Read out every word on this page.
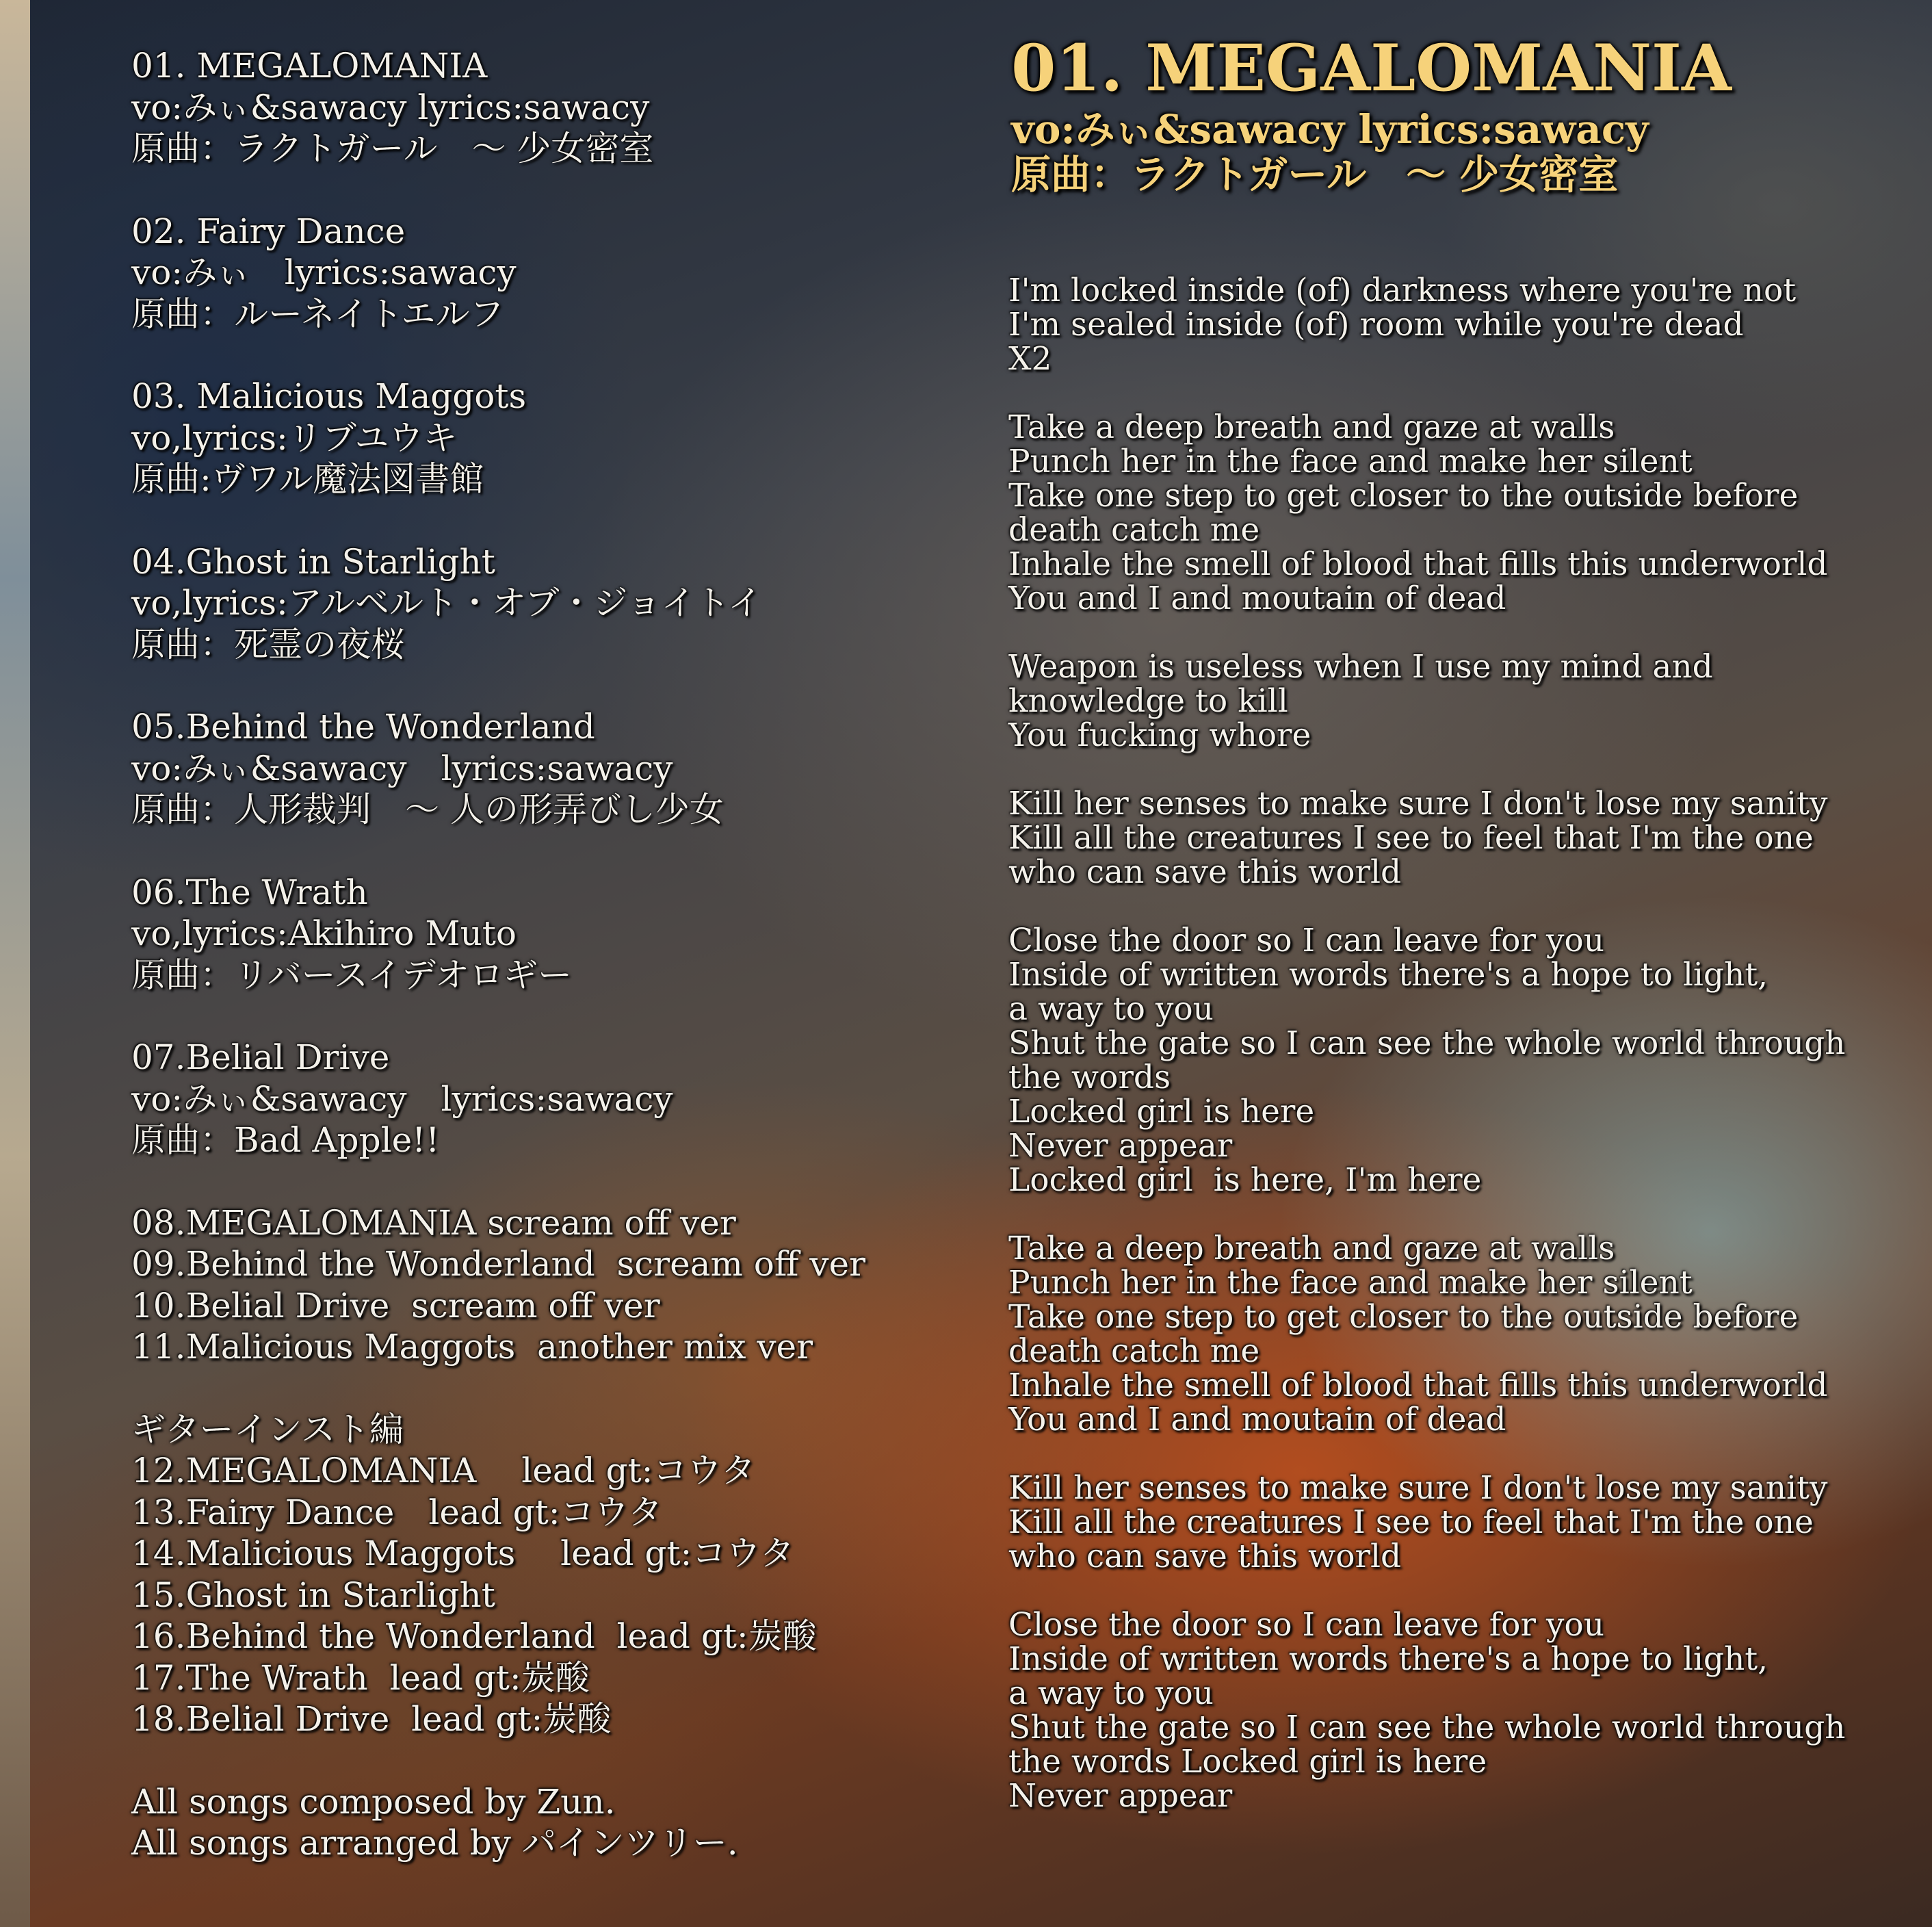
01. MEGALOMANIA
vo:みぃ&sawacy lyrics:sawacy
原曲：ラクトガール　～ 少女密室
02. Fairy Dance
vo:みぃ　lyrics:sawacy
原曲：ルーネイトエルフ
03. Malicious Maggots
vo,lyrics:リブユウキ
原曲:ヴワル魔法図書館
04.Ghost in Starlight
vo,lyrics:アルベルト・オブ・ジョイトイ
原曲：死霊の夜桜
05.Behind the Wonderland
vo:みぃ&sawacy　lyrics:sawacy
原曲：人形裁判　～ 人の形弄びし少女
06.The Wrath
vo,lyrics:Akihiro Muto
原曲：リバースイデオロギー
07.Belial Drive
vo:みぃ&sawacy　lyrics:sawacy
原曲：Bad Apple!!
08.MEGALOMANIA scream off ver
09.Behind the Wonderland  scream off ver
10.Belial Drive  scream off ver
11.Malicious Maggots  another mix ver
ギターインスト編
12.MEGALOMANIA　 lead gt:コウタ
13.Fairy Dance　lead gt:コウタ
14.Malicious Maggots　 lead gt:コウタ
15.Ghost in Starlight
16.Behind the Wonderland  lead gt:炭酸
17.The Wrath  lead gt:炭酸
18.Belial Drive  lead gt:炭酸
All songs composed by Zun.
All songs arranged by パインツリー.
01. MEGALOMANIA
vo:みぃ&sawacy lyrics:sawacy
原曲：ラクトガール　～ 少女密室
I'm locked inside (of) darkness where you're not
I'm sealed inside (of) room while you're dead
X2
Take a deep breath and gaze at walls
Punch her in the face and make her silent
Take one step to get closer to the outside before
death catch me
Inhale the smell of blood that fills this underworld
You and I and moutain of dead
Weapon is useless when I use my mind and
knowledge to kill
You fucking whore
Kill her senses to make sure I don't lose my sanity
Kill all the creatures I see to feel that I'm the one
who can save this world
Close the door so I can leave for you
Inside of written words there's a hope to light,
a way to you
Shut the gate so I can see the whole world through
the words
Locked girl is here
Never appear
Locked girl  is here, I'm here
Take a deep breath and gaze at walls
Punch her in the face and make her silent
Take one step to get closer to the outside before
death catch me
Inhale the smell of blood that fills this underworld
You and I and moutain of dead
Kill her senses to make sure I don't lose my sanity
Kill all the creatures I see to feel that I'm the one
who can save this world
Close the door so I can leave for you
Inside of written words there's a hope to light,
a way to you
Shut the gate so I can see the whole world through
the words Locked girl is here
Never appear
